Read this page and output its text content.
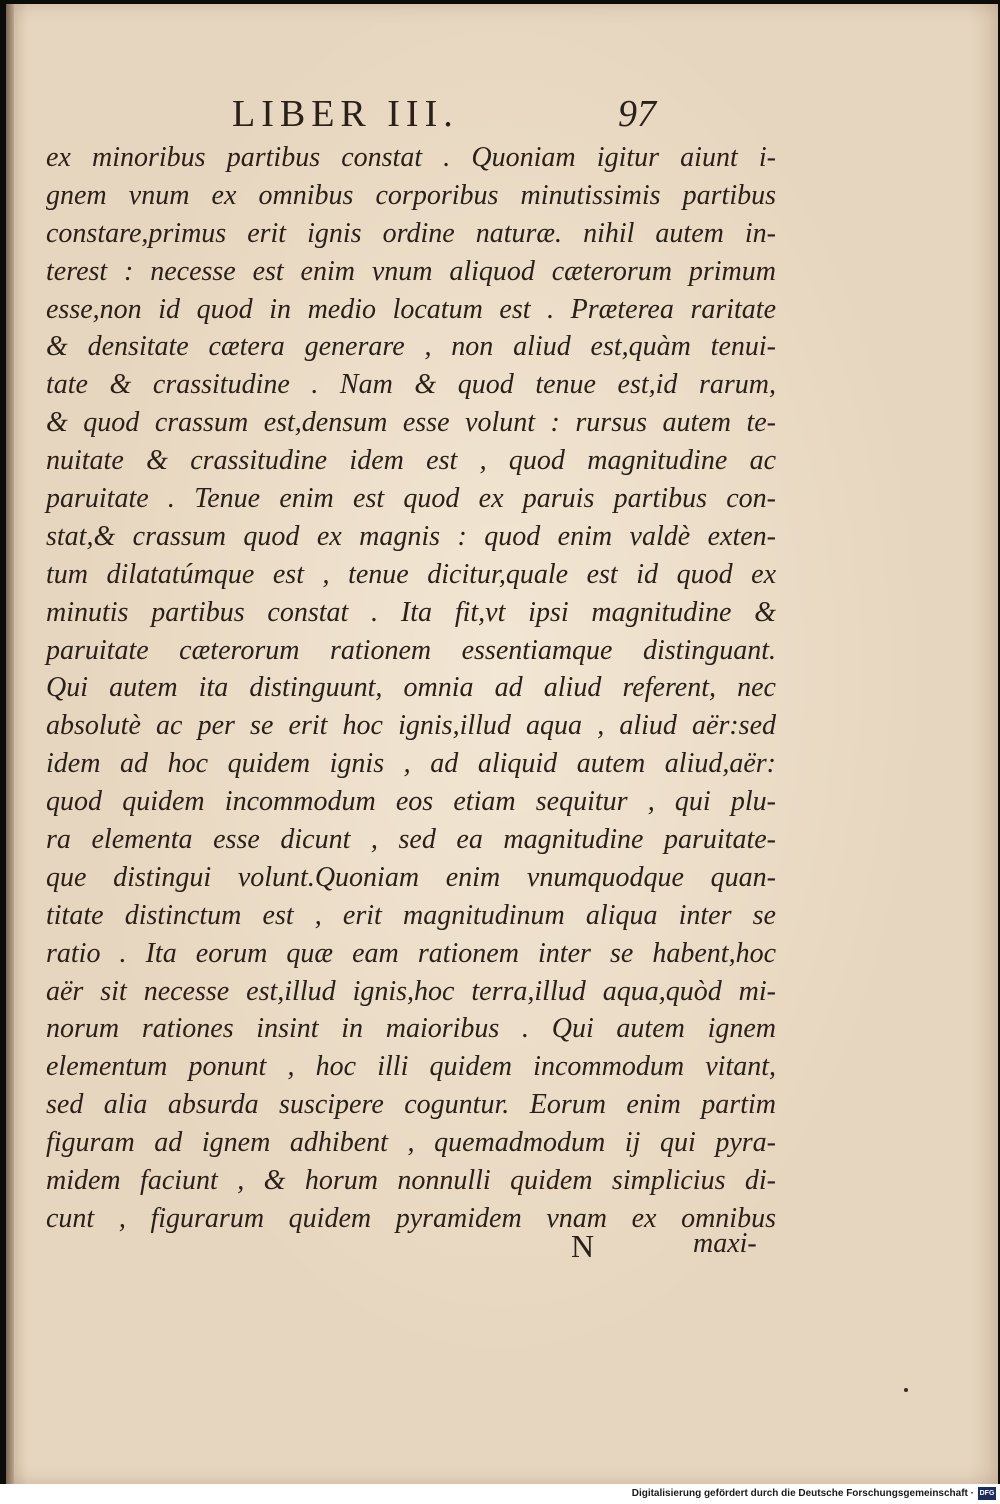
LIBER III.	97
ex minoribus partibus constat . Quoniam igitur aiunt i-
gnem vnum ex omnibus corporibus minutissimis partibus
constare,primus erit ignis ordine naturæ. nihil autem in-
terest : necesse est enim vnum aliquod cæterorum primum
esse,non id quod in medio locatum est . Præterea raritate
& densitate cætera generare , non aliud est,quàm tenui-
tate & crassitudine . Nam & quod tenue est,id rarum,
& quod crassum est,densum esse volunt : rursus autem te-
nuitate & crassitudine idem est , quod magnitudine ac
paruitate . Tenue enim est quod ex paruis partibus con-
stat,& crassum quod ex magnis : quod enim valdè exten-
tum dilatatúmque est , tenue dicitur,quale est id quod ex
minutis partibus constat . Ita fit,vt ipsi magnitudine &
paruitate cæterorum rationem essentiamque distinguant.
Qui autem ita distinguunt, omnia ad aliud referent, nec
absolutè ac per se erit hoc ignis,illud aqua , aliud aër:sed
idem ad hoc quidem ignis , ad aliquid autem aliud,aër:
quod quidem incommodum eos etiam sequitur , qui plu-
ra elementa esse dicunt , sed ea magnitudine paruitate-
que distingui volunt.Quoniam enim vnumquodque quan-
titate distinctum est , erit magnitudinum aliqua inter se
ratio . Ita eorum quæ eam rationem inter se habent,hoc
aër sit necesse est,illud ignis,hoc terra,illud aqua,quòd mi-
norum rationes insint in maioribus . Qui autem ignem
elementum ponunt , hoc illi quidem incommodum vitant,
sed alia absurda suscipere coguntur. Eorum enim partim
figuram ad ignem adhibent , quemadmodum ij qui pyra-
midem faciunt , & horum nonnulli quidem simplicius di-
cunt , figurarum quidem pyramidem vnam ex omnibus
N	maxi-
Digitalisierung gefördert durch die Deutsche Forschungsgemeinschaft · DFG
